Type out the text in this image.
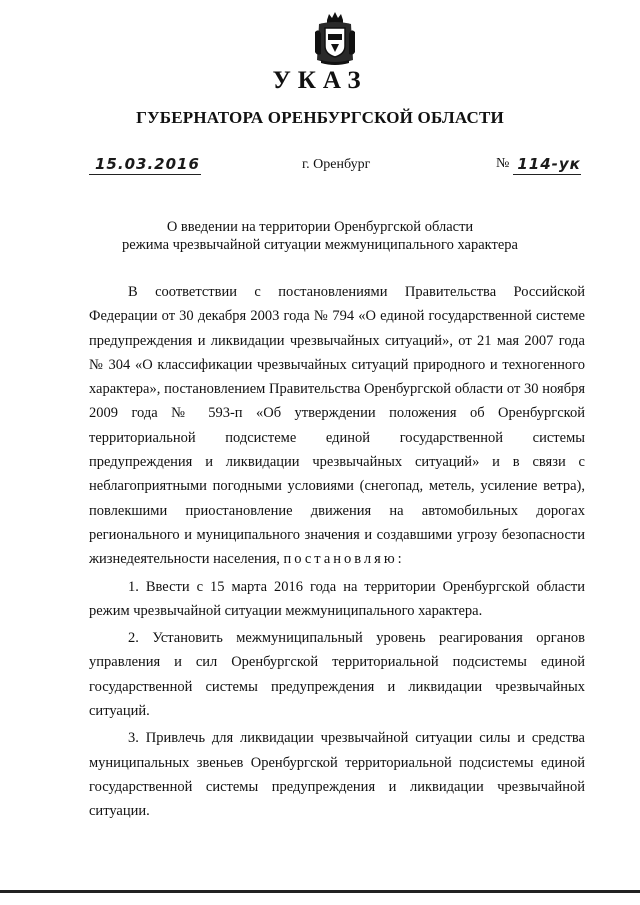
УКАЗ
ГУБЕРНАТОРА ОРЕНБУРГСКОЙ ОБЛАСТИ
15.03.2016	г. Оренбург	№ 114-ук
О введении на территории Оренбургской области
режима чрезвычайной ситуации межмуниципального характера

В соответствии с постановлениями Правительства Российской Федерации от 30 декабря 2003 года № 794 «О единой государственной системе предупреждения и ликвидации чрезвычайных ситуаций», от 21 мая 2007 года № 304 «О классификации чрезвычайных ситуаций природного и техногенного характера», постановлением Правительства Оренбургской области от 30 ноября 2009 года № 593-п «Об утверждении положения об Оренбургской территориальной подсистеме единой государственной системы предупреждения и ликвидации чрезвычайных ситуаций» и в связи с неблагоприятными погодными условиями (снегопад, метель, усиление ветра), повлекшими приостановление движения на автомобильных дорогах регионального и муниципального значения и создавшими угрозу безопасности жизнедеятельности населения, постановляю:

1. Ввести с 15 марта 2016 года на территории Оренбургской области режим чрезвычайной ситуации межмуниципального характера.

2. Установить межмуниципальный уровень реагирования органов управления и сил Оренбургской территориальной подсистемы единой государственной системы предупреждения и ликвидации чрезвычайных ситуаций.

3. Привлечь для ликвидации чрезвычайной ситуации силы и средства муниципальных звеньев Оренбургской территориальной подсистемы единой государственной системы предупреждения и ликвидации чрезвычайной ситуации.
